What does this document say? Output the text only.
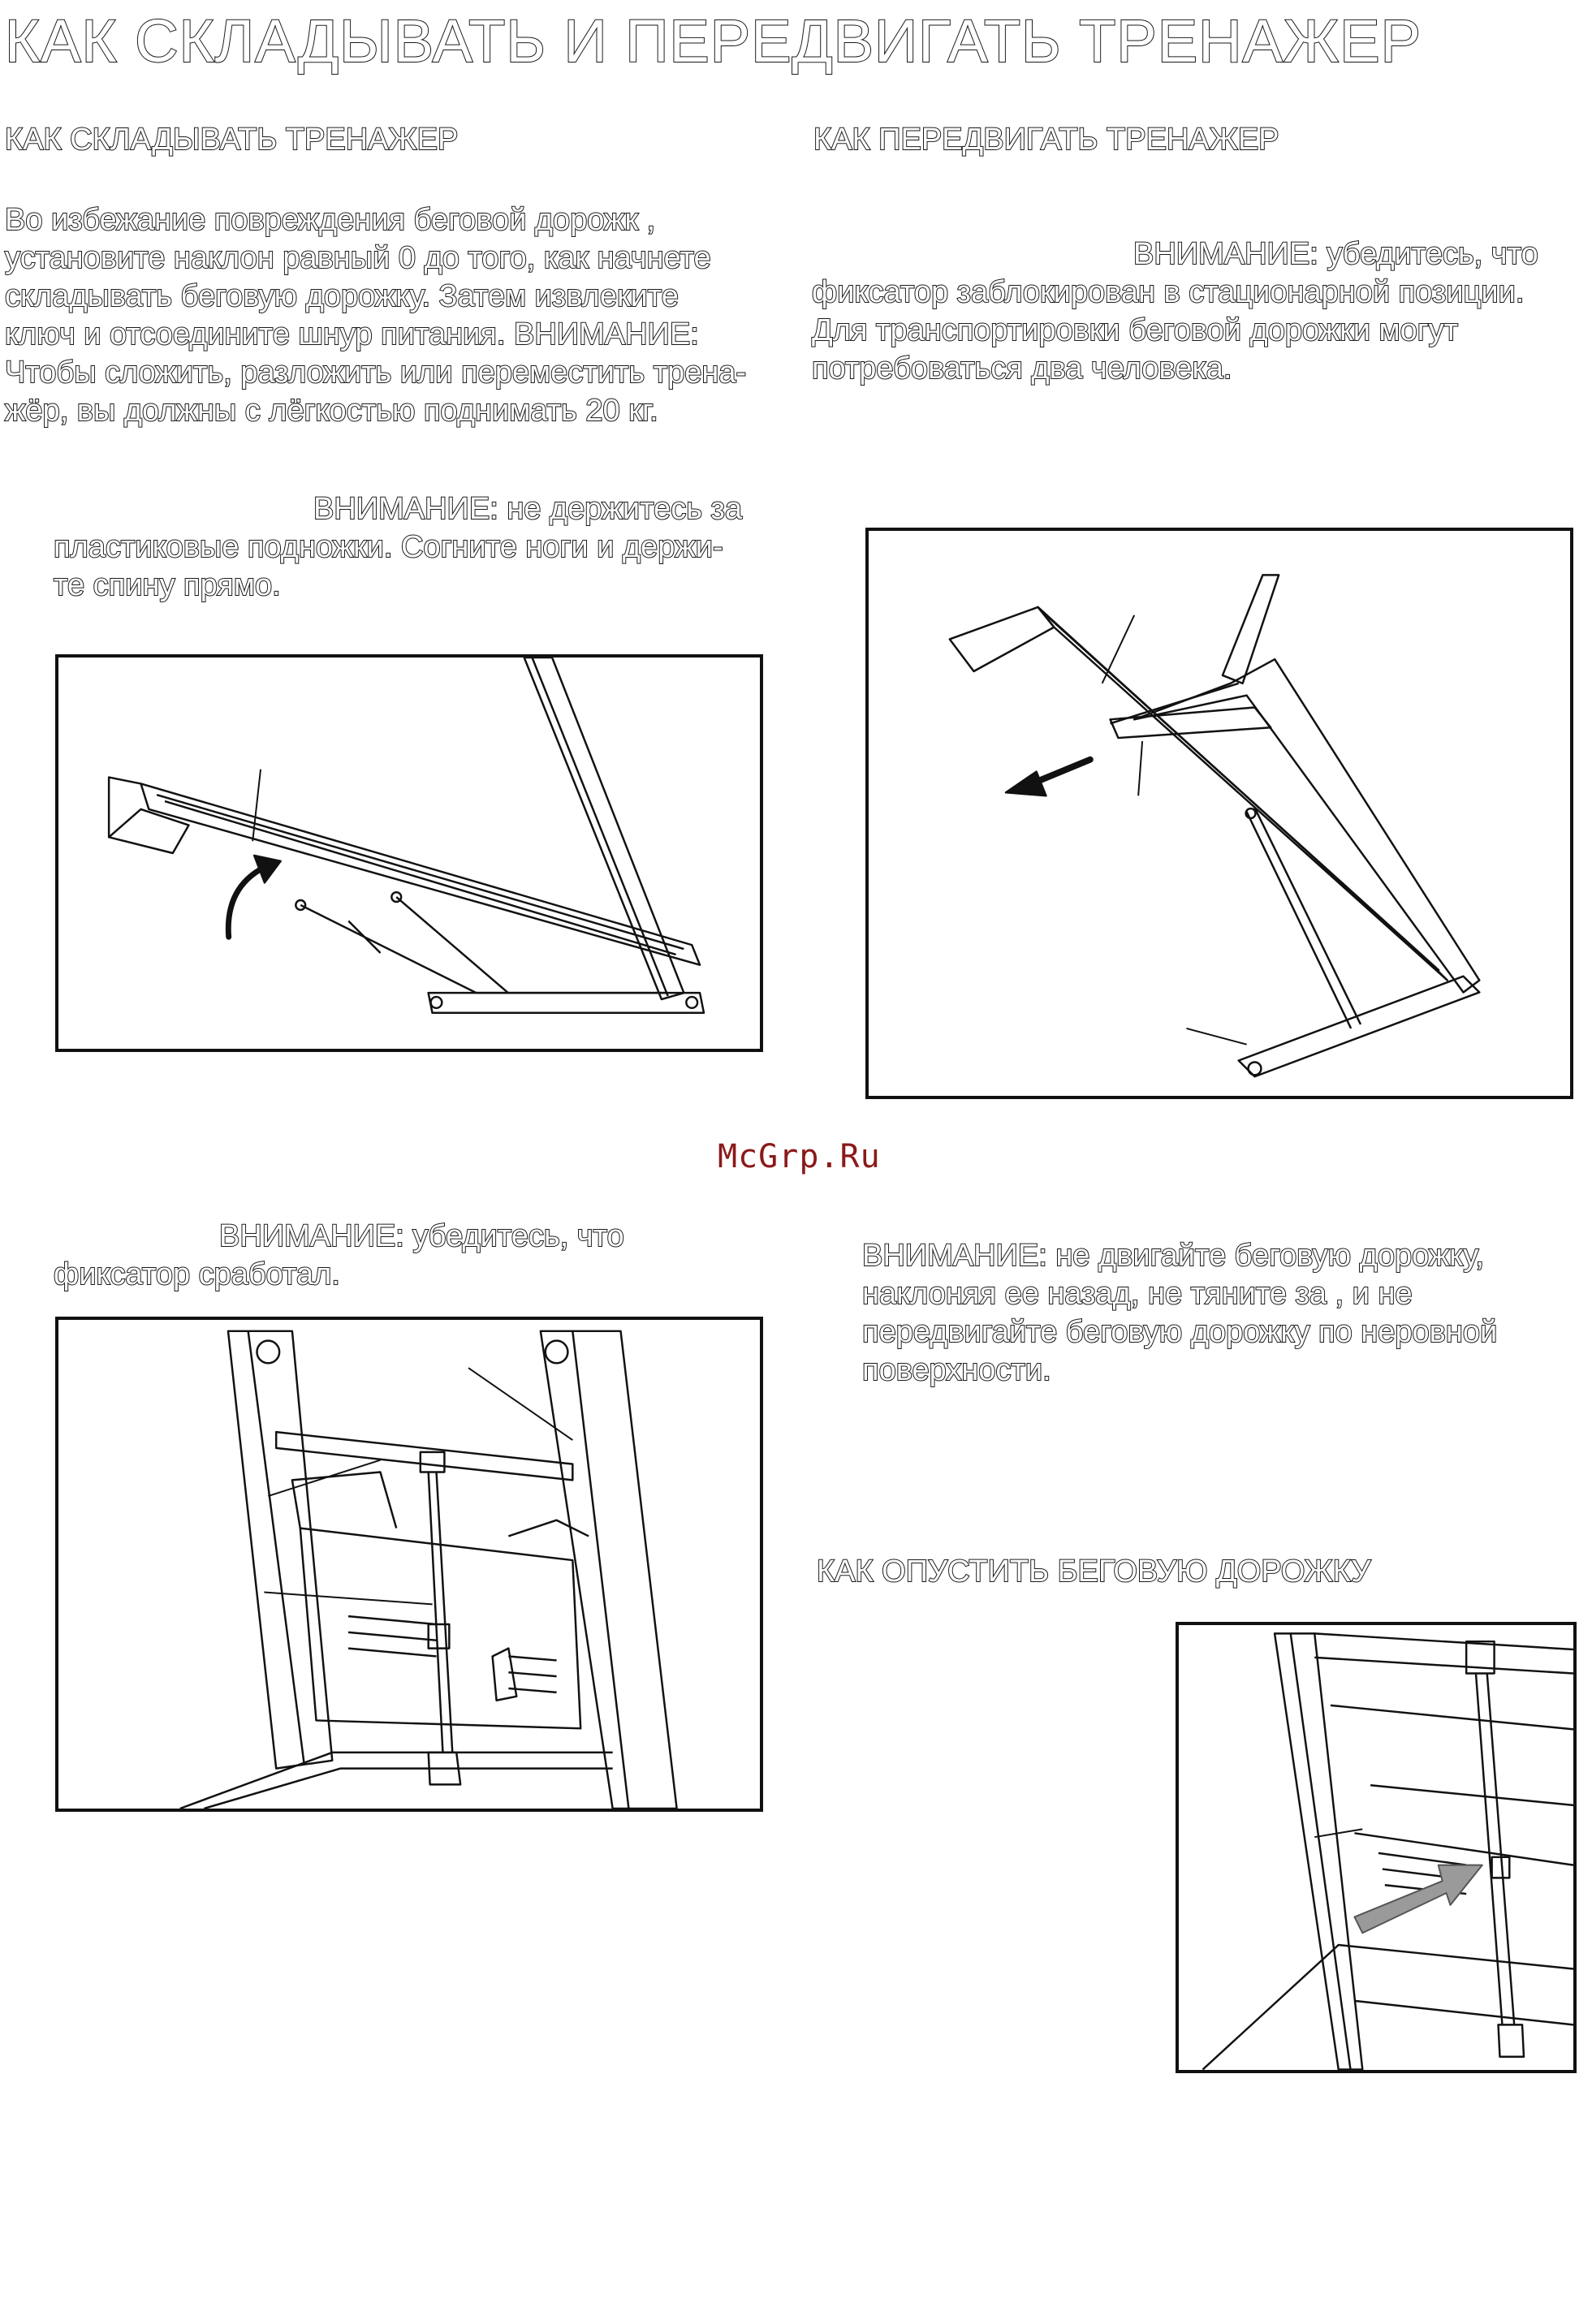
КАК СКЛАДЫВАТЬ И ПЕРЕДВИГАТЬ ТРЕНАЖЕР
КАК СКЛАДЫВАТЬ ТРЕНАЖЕР
Во избежание повреждения беговой дорожк ,
установите наклон равный 0 до того, как начнете
складывать беговую дорожку. Затем извлеките
ключ и отсоедините шнур питания. ВНИМАНИЕ:
Чтобы сложить, разложить или переместить трена-
жёр, вы должны с лёгкостью поднимать 20 кг.
ВНИМАНИЕ: не держитесь за
пластиковые подножки. Согните ноги и держи-
те спину прямо.
ВНИМАНИЕ: убедитесь, что
фиксатор сработал.
КАК ПЕРЕДВИГАТЬ ТРЕНАЖЕР
ВНИМАНИЕ: убедитесь, что
фиксатор заблокирован в стационарной позиции.
Для транспортировки беговой дорожки могут
потребоваться два человека.
McGrp.Ru
ВНИМАНИЕ: не двигайте беговую дорожку,
наклоняя ее назад, не тяните за , и не
передвигайте беговую дорожку по неровной
поверхности.
КАК ОПУСТИТЬ БЕГОВУЮ ДОРОЖКУ
